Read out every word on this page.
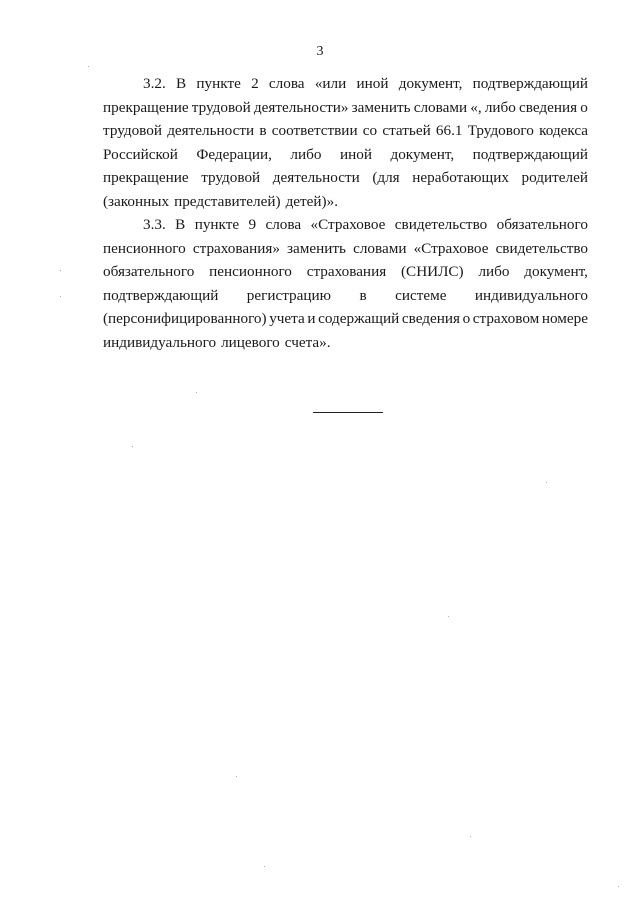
3
3.2. В пункте 2 слова «или иной документ, подтверждающий
прекращение трудовой деятельности» заменить словами «, либо сведения о
трудовой деятельности в соответствии со статьей 66.1 Трудового кодекса
Российской Федерации, либо иной документ, подтверждающий
прекращение трудовой деятельности (для неработающих родителей
(законных представителей) детей)».
3.3. В пункте 9 слова «Страховое свидетельство обязательного
пенсионного страхования» заменить словами «Страховое свидетельство
обязательного пенсионного страхования (СНИЛС) либо документ,
подтверждающий регистрацию в системе индивидуального
(персонифицированного) учета и содержащий сведения о страховом номере
индивидуального лицевого счета».
